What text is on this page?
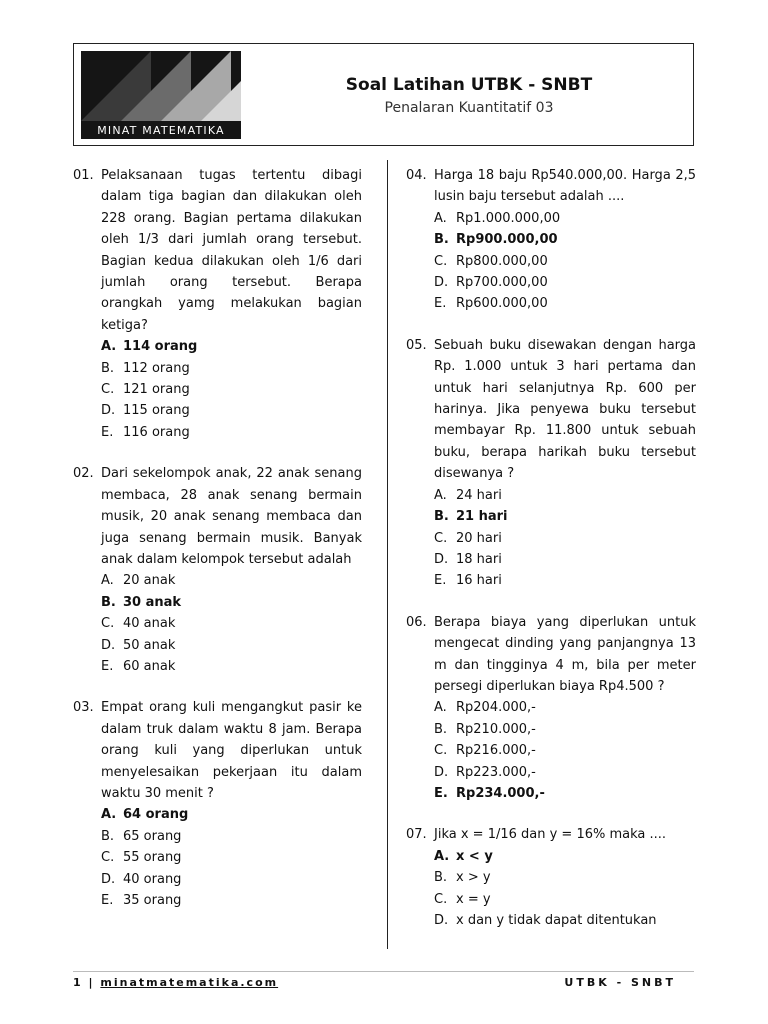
MINAT MATEMATIKA
Soal Latihan UTBK - SNBT
Penalaran Kuantitatif 03
01. Pelaksanaan tugas tertentu dibagi dalam tiga bagian dan dilakukan oleh 228 orang. Bagian pertama dilakukan oleh 1/3 dari jumlah orang tersebut. Bagian kedua dilakukan oleh 1/6 dari jumlah orang tersebut. Berapa orangkah yamg melakukan bagian ketiga?
A. 114 orang
B. 112 orang
C. 121 orang
D. 115 orang
E. 116 orang
02. Dari sekelompok anak, 22 anak senang membaca, 28 anak senang bermain musik, 20 anak senang membaca dan juga senang bermain musik. Banyak anak dalam kelompok tersebut adalah
A. 20 anak
B. 30 anak
C. 40 anak
D. 50 anak
E. 60 anak
03. Empat orang kuli mengangkut pasir ke dalam truk dalam waktu 8 jam. Berapa orang kuli yang diperlukan untuk menyelesaikan pekerjaan itu dalam waktu 30 menit ?
A. 64 orang
B. 65 orang
C. 55 orang
D. 40 orang
E. 35 orang
04. Harga 18 baju Rp540.000,00. Harga 2,5 lusin baju tersebut adalah ....
A. Rp1.000.000,00
B. Rp900.000,00
C. Rp800.000,00
D. Rp700.000,00
E. Rp600.000,00
05. Sebuah buku disewakan dengan harga Rp. 1.000 untuk 3 hari pertama dan untuk hari selanjutnya Rp. 600 per harinya. Jika penyewa buku tersebut membayar Rp. 11.800 untuk sebuah buku, berapa harikah buku tersebut disewanya ?
A. 24 hari
B. 21 hari
C. 20 hari
D. 18 hari
E. 16 hari
06. Berapa biaya yang diperlukan untuk mengecat dinding yang panjangnya 13 m dan tingginya 4 m, bila per meter persegi diperlukan biaya Rp4.500 ?
A. Rp204.000,-
B. Rp210.000,-
C. Rp216.000,-
D. Rp223.000,-
E. Rp234.000,-
07. Jika x = 1/16 dan y = 16% maka ....
A. x < y
B. x > y
C. x = y
D. x dan y tidak dapat ditentukan
1 | minatmatematika.com	UTBK - SNBT
